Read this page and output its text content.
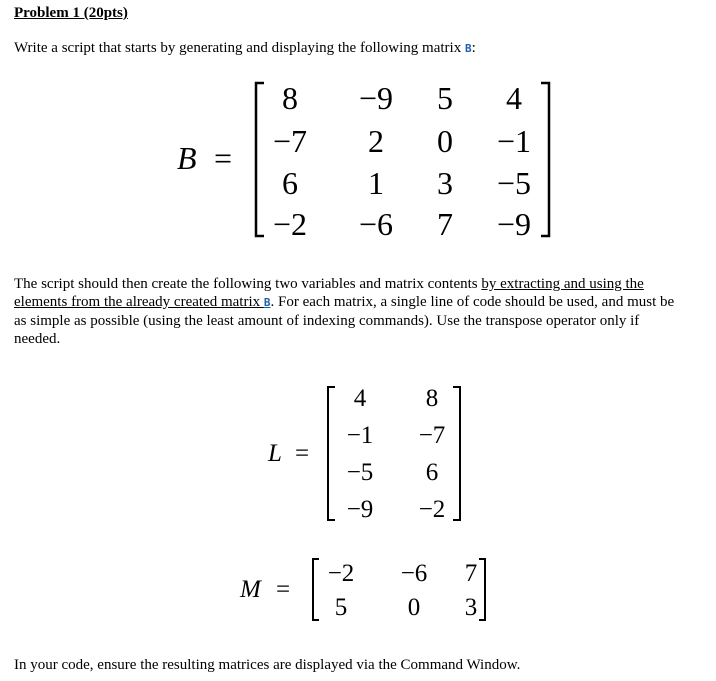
Problem 1 (20pts)
Write a script that starts by generating and displaying the following matrix B:
B =
8 −9 5 4
−7 2 0 −1
6 1 3 −5
−2 −6 7 −9
The script should then create the following two variables and matrix contents by extracting and using the
elements from the already created matrix B. For each matrix, a single line of code should be used, and must be
as simple as possible (using the least amount of indexing commands). Use the transpose operator only if
needed.
L =
4 8
−1 −7
−5 6
−9 −2
M =
−2 −6 7
5 0 3
In your code, ensure the resulting matrices are displayed via the Command Window.
